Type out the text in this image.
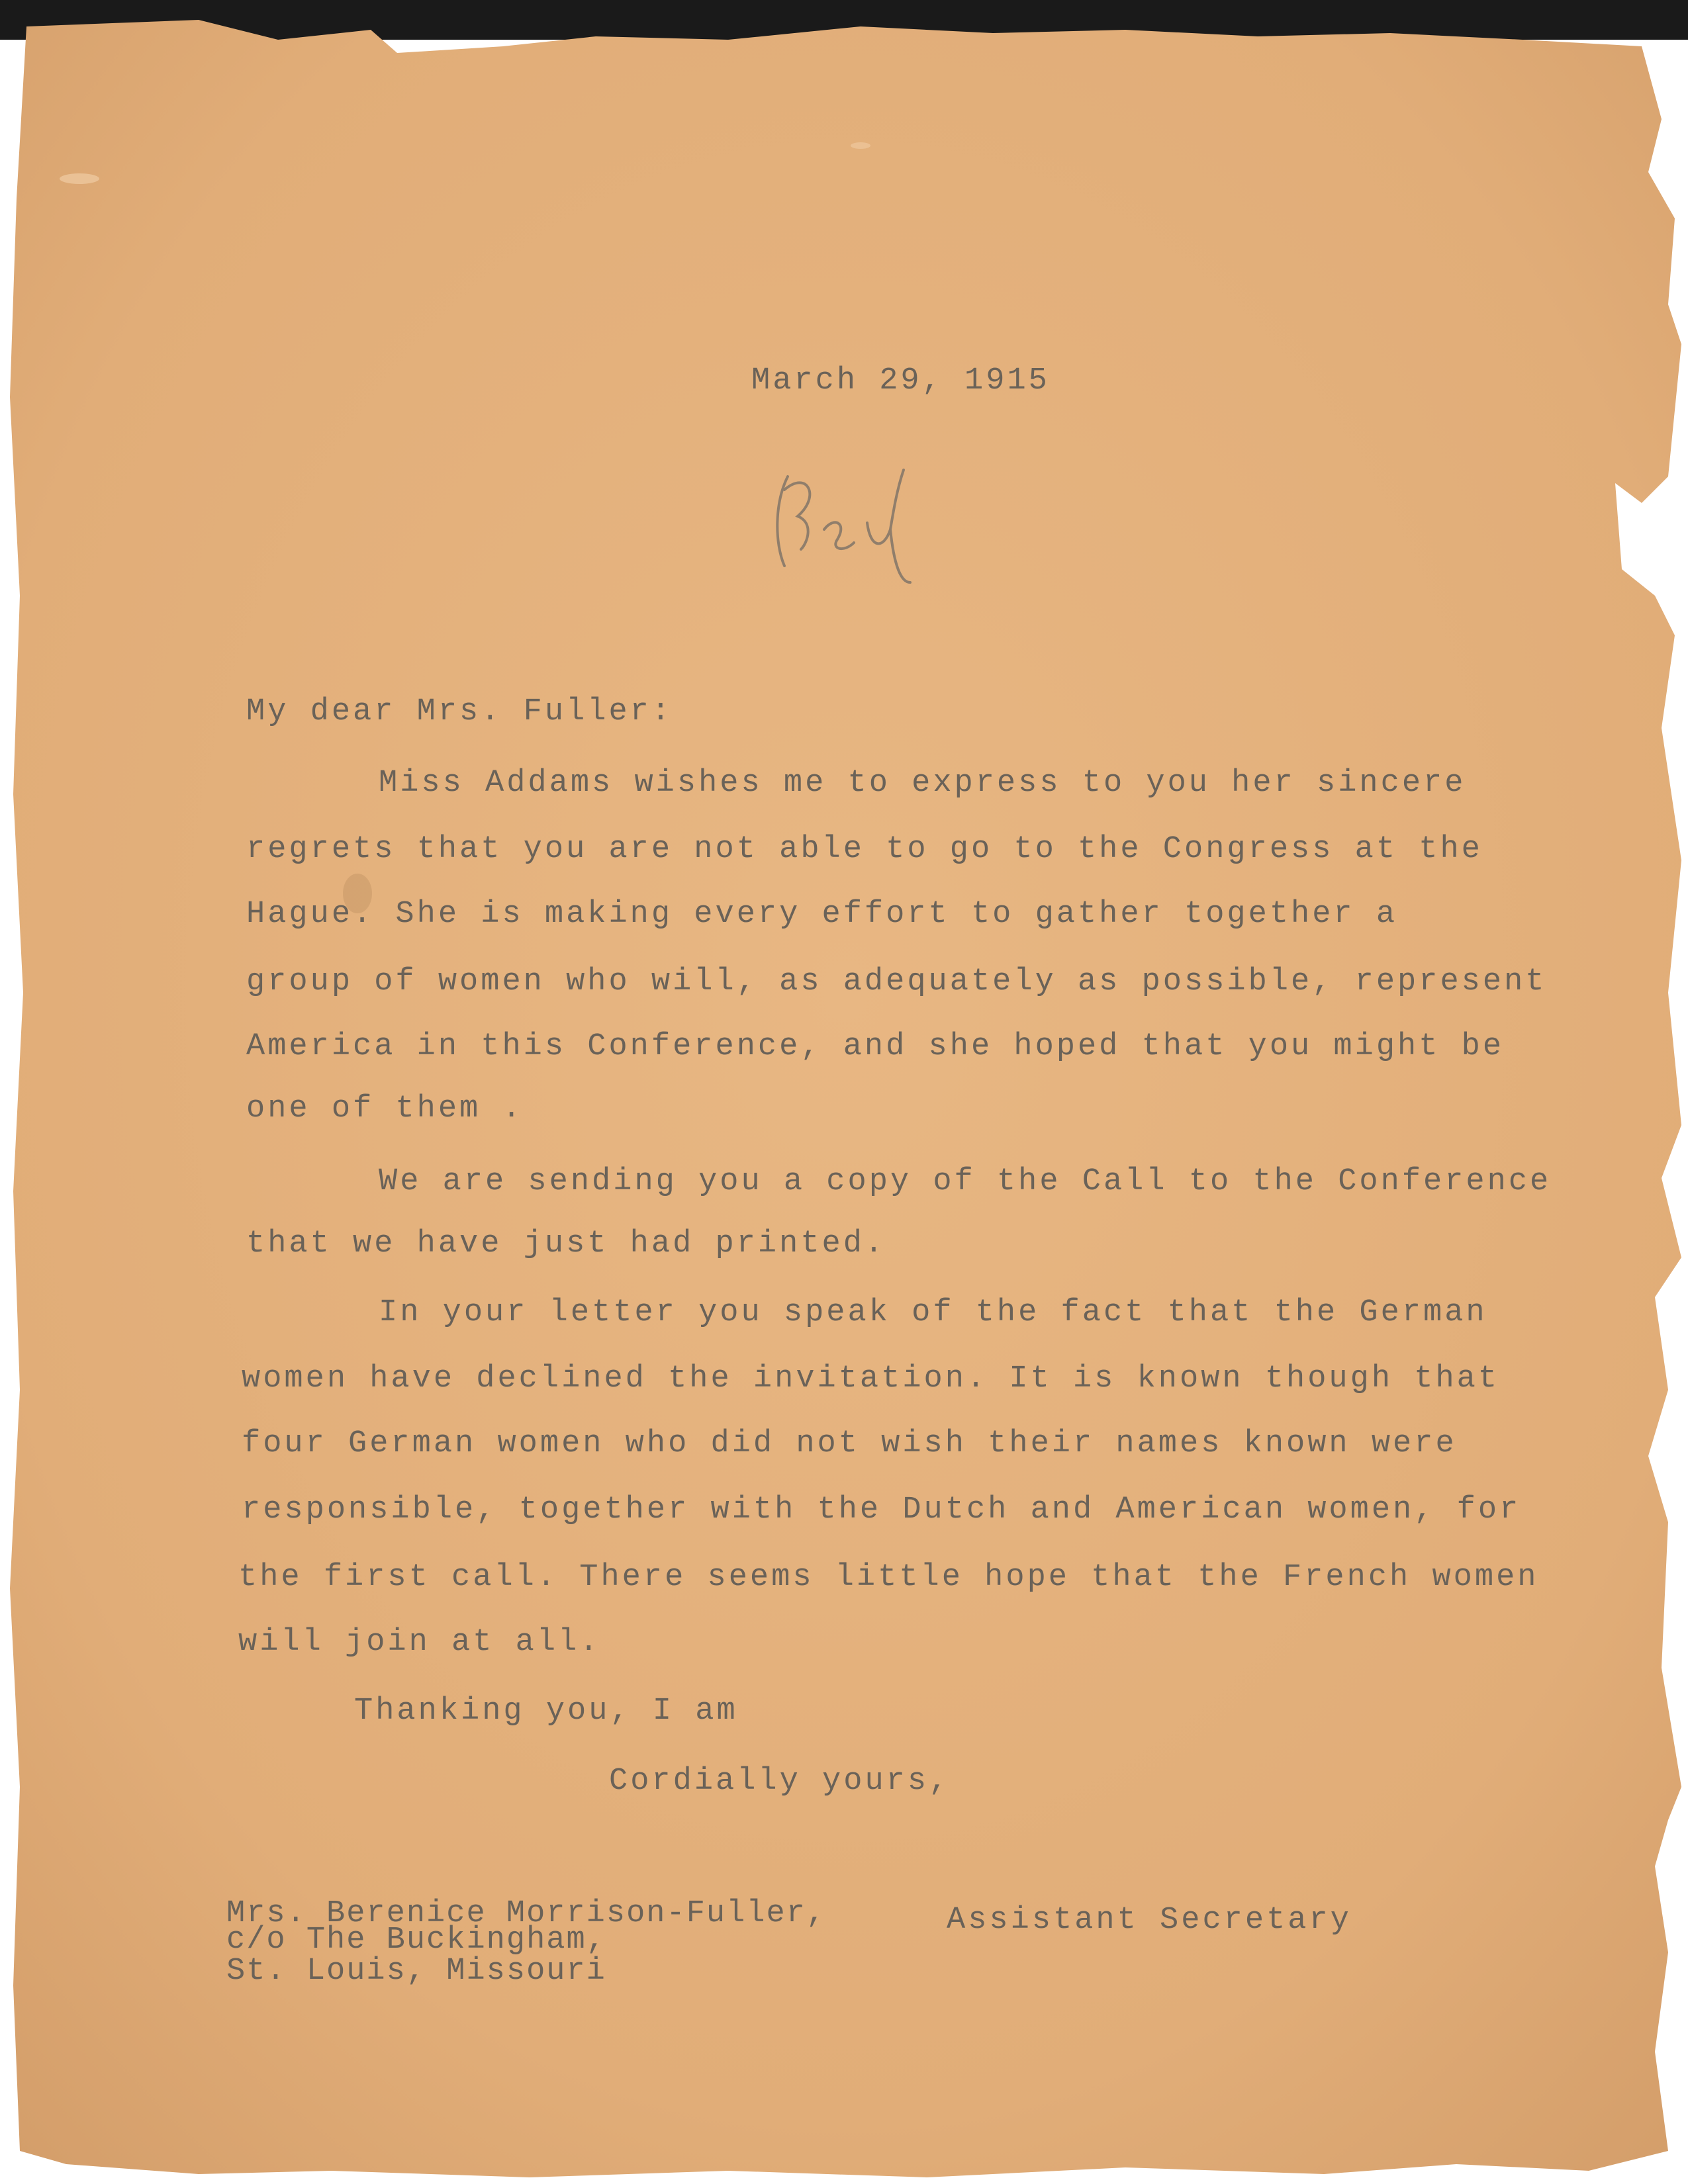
March 29, 1915
My dear Mrs. Fuller:
Miss Addams wishes me to express to you her sincere
regrets that you are not able to go to the Congress at the
Hague. She is making every effort to gather together a
group of women who will, as adequately as possible, represent
America in this Conference, and she hoped that you might be
one of them .
We are sending you a copy of the Call to the Conference
that we have just had printed.
In your letter you speak of the fact that the German
women have declined the invitation. It is known though that
four German women who did not wish their names known were
responsible, together with the Dutch and American women, for
the first call. There seems little hope that the French women
will join at all.
Thanking you, I am
Cordially yours,
Assistant Secretary
Mrs. Berenice Morrison-Fuller,
c/o The Buckingham,
St. Louis, Missouri
